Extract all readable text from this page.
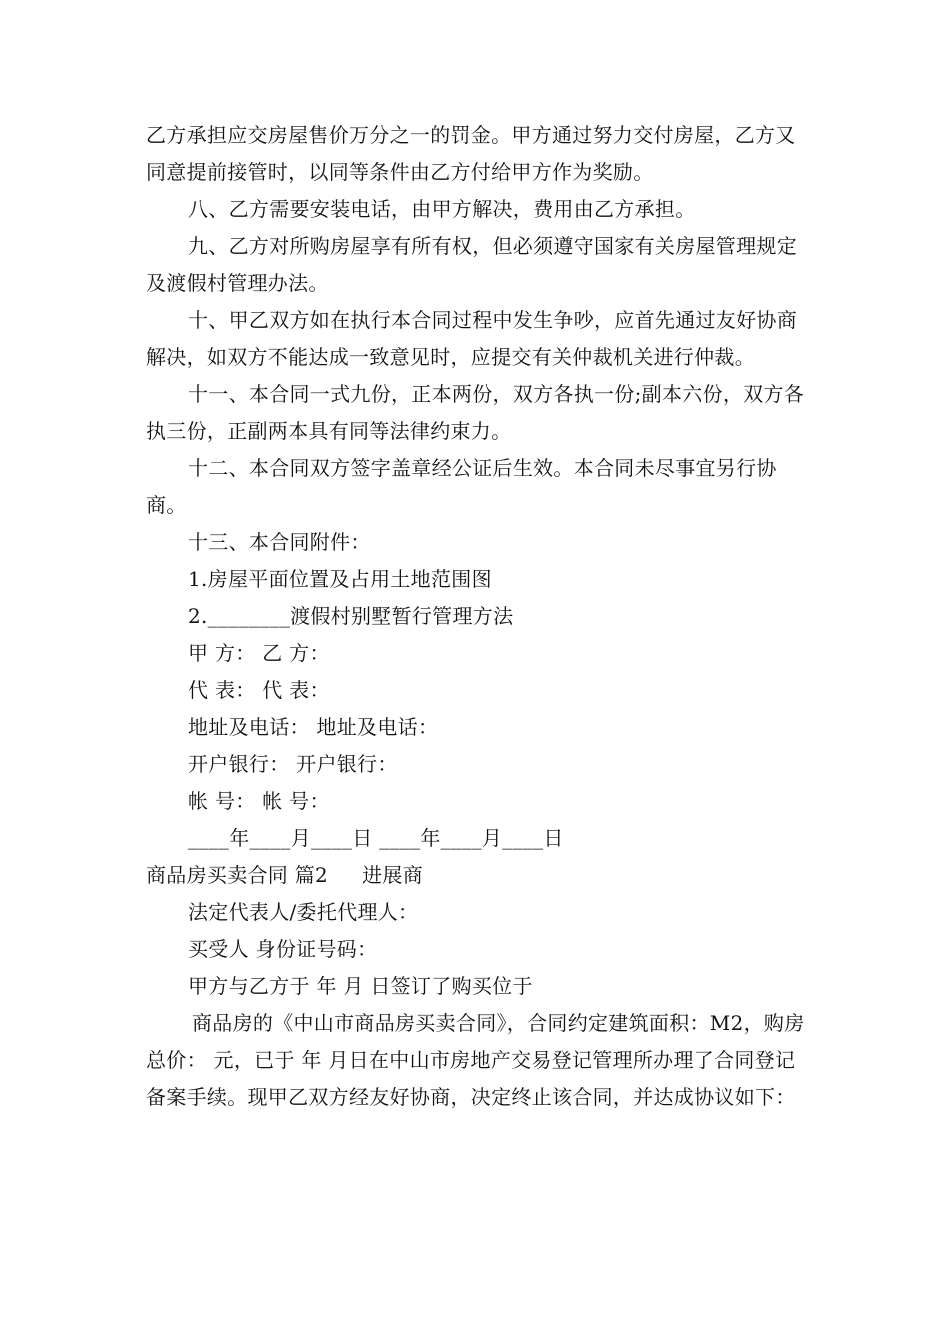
乙方承担应交房屋售价万分之一的罚金。甲方通过努力交付房屋，乙方又同意提前接管时，以同等条件由乙方付给甲方作为奖励。

八、乙方需要安装电话，由甲方解决，费用由乙方承担。

九、乙方对所购房屋享有所有权，但必须遵守国家有关房屋管理规定及渡假村管理办法。

十、甲乙双方如在执行本合同过程中发生争吵，应首先通过友好协商解决，如双方不能达成一致意见时，应提交有关仲裁机关进行仲裁。

十一、本合同一式九份，正本两份，双方各执一份;副本六份，双方各执三份，正副两本具有同等法律约束力。

十二、本合同双方签字盖章经公证后生效。本合同未尽事宜另行协商。

十三、本合同附件：

1.房屋平面位置及占用土地范围图

2.________渡假村别墅暂行管理方法

甲 方： 乙 方：

代 表： 代 表：

地址及电话： 地址及电话：

开户银行： 开户银行：

帐 号： 帐 号：

____年____月____日 ____年____月____日

商品房买卖合同 篇2 进展商

法定代表人/委托代理人：

买受人 身份证号码：

甲方与乙方于 年 月 日签订了购买位于

商品房的《中山市商品房买卖合同》，合同约定建筑面积：M2，购房总价： 元，已于 年 月日在中山市房地产交易登记管理所办理了合同登记备案手续。现甲乙双方经友好协商，决定终止该合同，并达成协议如下：
